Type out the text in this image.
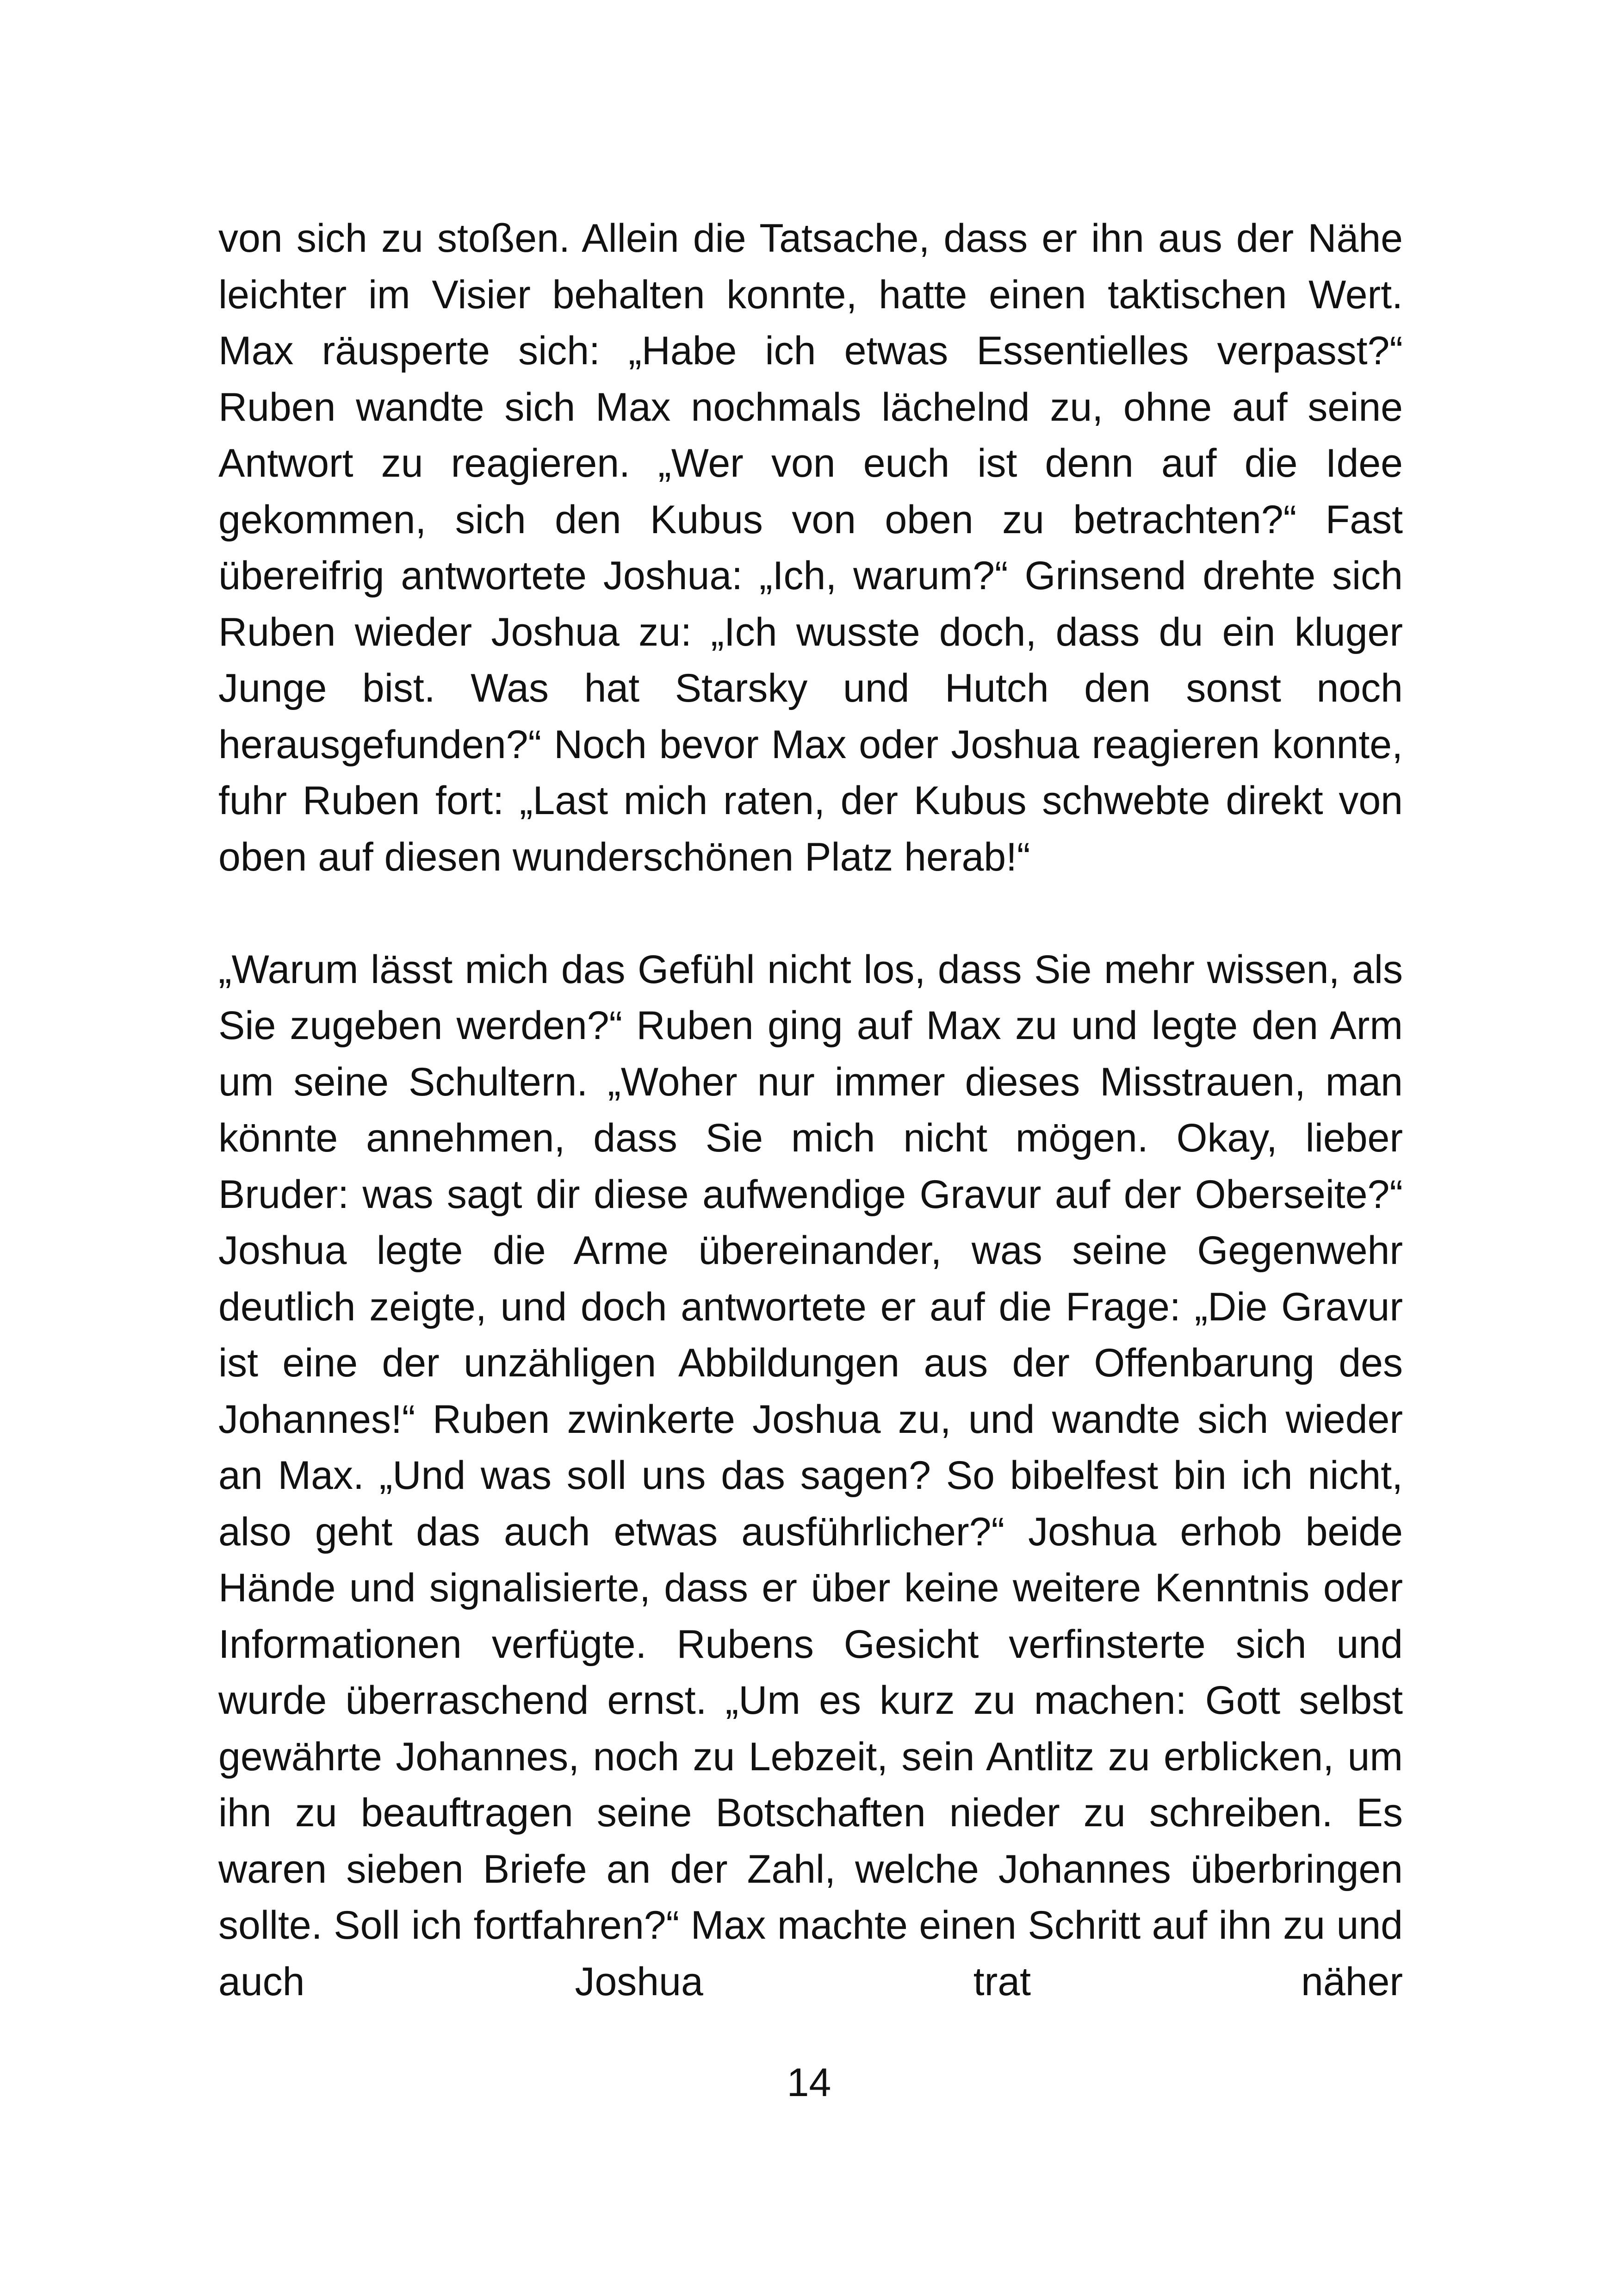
von sich zu stoßen. Allein die Tatsache, dass er ihn aus der Nähe leichter im Visier behalten konnte, hatte einen taktischen Wert. Max räusperte sich: „Habe ich etwas Essentielles verpasst?“ Ruben wandte sich Max nochmals lächelnd zu, ohne auf seine Antwort zu reagieren. „Wer von euch ist denn auf die Idee gekommen, sich den Kubus von oben zu betrachten?“ Fast übereifrig antwortete Joshua: „Ich, warum?“ Grinsend drehte sich Ruben wieder Joshua zu: „Ich wusste doch, dass du ein kluger Junge bist. Was hat Starsky und Hutch den sonst noch herausgefunden?“ Noch bevor Max oder Joshua reagieren konnte, fuhr Ruben fort: „Last mich raten, der Kubus schwebte direkt von oben auf diesen wunderschönen Platz herab!“

„Warum lässt mich das Gefühl nicht los, dass Sie mehr wissen, als Sie zugeben werden?“ Ruben ging auf Max zu und legte den Arm um seine Schultern. „Woher nur immer dieses Misstrauen, man könnte annehmen, dass Sie mich nicht mögen. Okay, lieber Bruder: was sagt dir diese aufwendige Gravur auf der Oberseite?“ Joshua legte die Arme übereinander, was seine Gegenwehr deutlich zeigte, und doch antwortete er auf die Frage: „Die Gravur ist eine der unzähligen Abbildungen aus der Offenbarung des Johannes!“ Ruben zwinkerte Joshua zu, und wandte sich wieder an Max. „Und was soll uns das sagen? So bibelfest bin ich nicht, also geht das auch etwas ausführlicher?“ Joshua erhob beide Hände und signalisierte, dass er über keine weitere Kenntnis oder Informationen verfügte. Rubens Gesicht verfinsterte sich und wurde überraschend ernst. „Um es kurz zu machen: Gott selbst gewährte Johannes, noch zu Lebzeit, sein Antlitz zu erblicken, um ihn zu beauftragen seine Botschaften nieder zu schreiben. Es waren sieben Briefe an der Zahl, welche Johannes überbringen sollte. Soll ich fortfahren?“ Max machte einen Schritt auf ihn zu und auch Joshua trat näher

14
